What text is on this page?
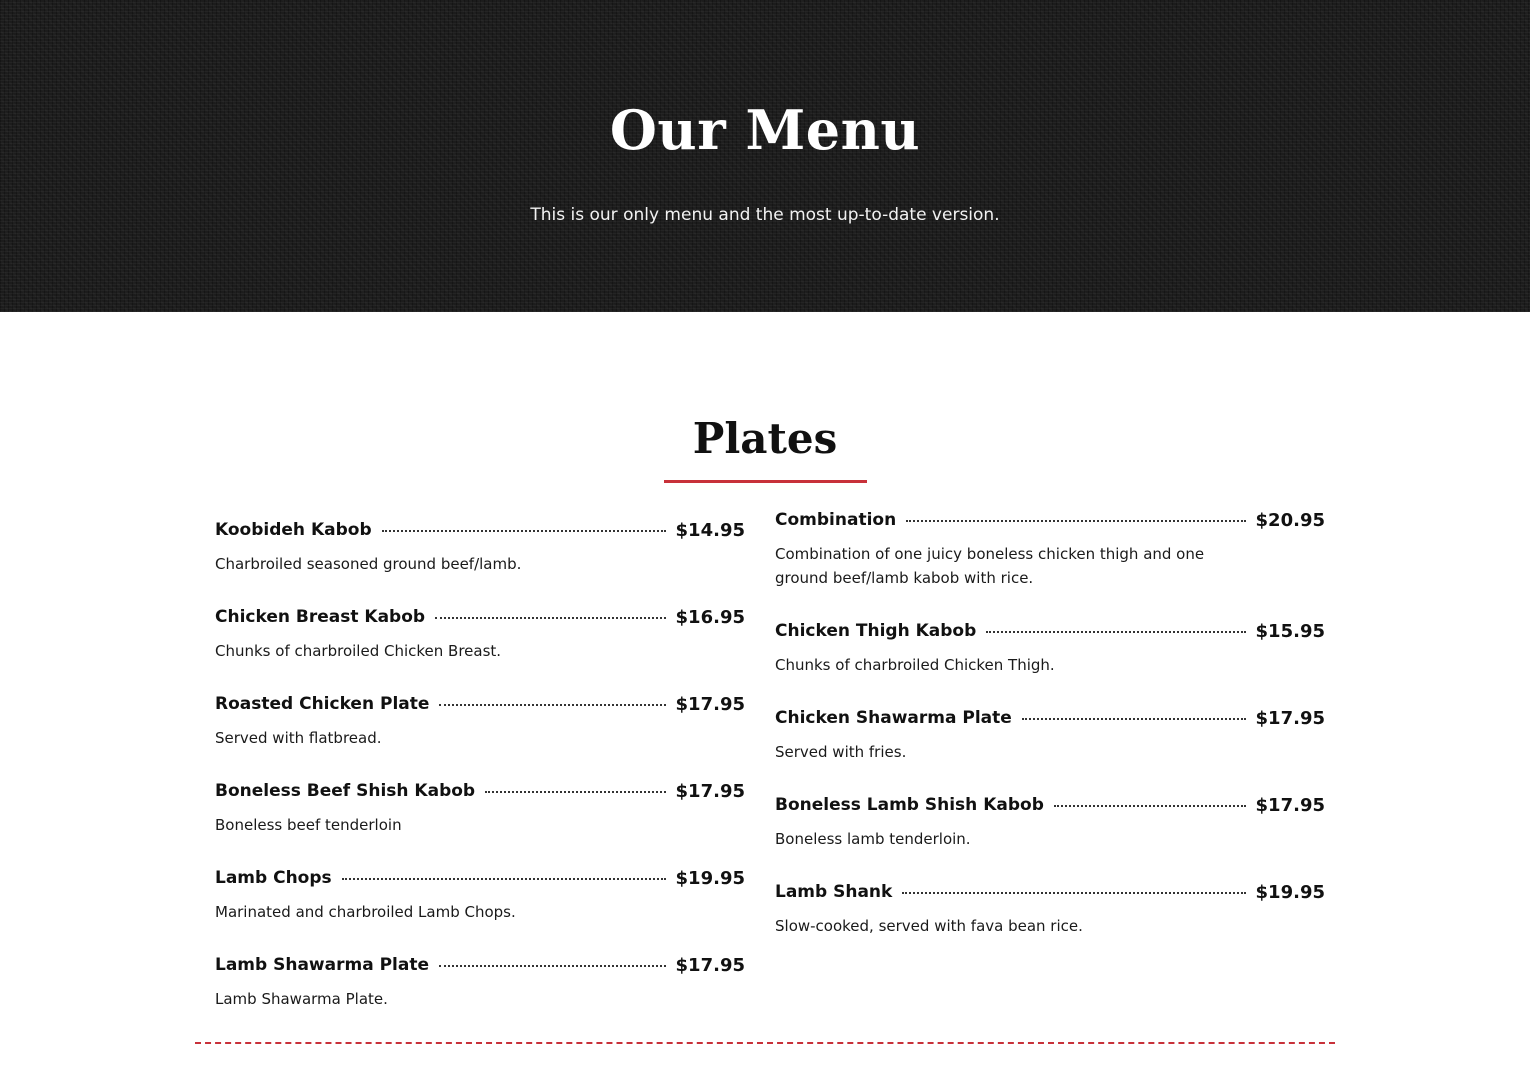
Our Menu

This is our only menu and the most up-to-date version.

Plates
Koobideh Kabob	$14.95
Charbroiled seasoned ground beef/lamb.
Chicken Breast Kabob	$16.95
Chunks of charbroiled Chicken Breast.
Roasted Chicken Plate	$17.95
Served with flatbread.
Boneless Beef Shish Kabob	$17.95
Boneless beef tenderloin
Lamb Chops	$19.95
Marinated and charbroiled Lamb Chops.
Lamb Shawarma Plate	$17.95
Lamb Shawarma Plate.
Combination	$20.95
Combination of one juicy boneless chicken thigh and one ground beef/lamb kabob with rice.
Chicken Thigh Kabob	$15.95
Chunks of charbroiled Chicken Thigh.
Chicken Shawarma Plate	$17.95
Served with fries.
Boneless Lamb Shish Kabob	$17.95
Boneless lamb tenderloin.
Lamb Shank	$19.95
Slow-cooked, served with fava bean rice.
